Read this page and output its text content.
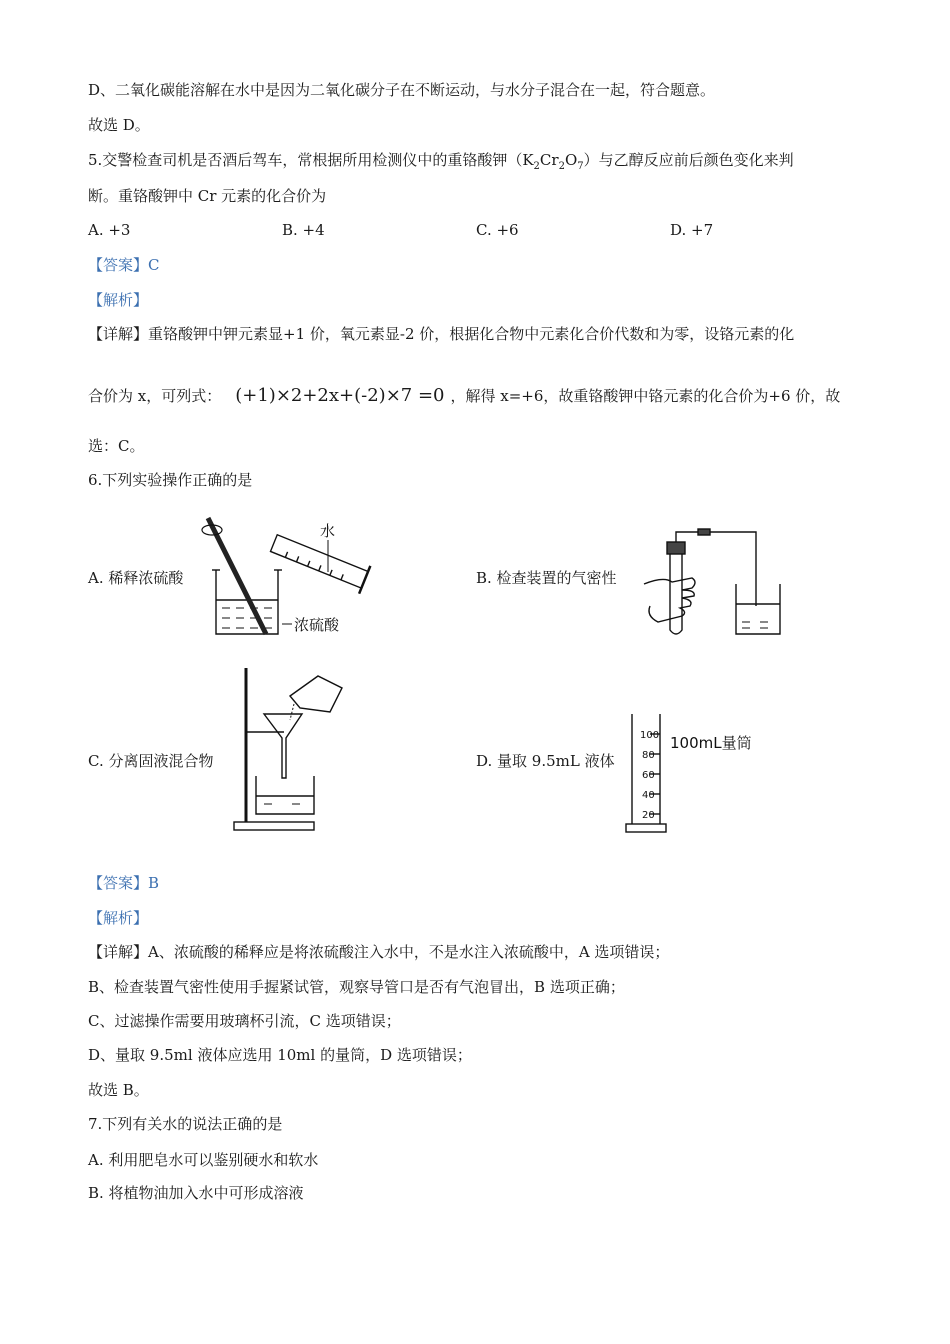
D、二氧化碳能溶解在水中是因为二氧化碳分子在不断运动，与水分子混合在一起，符合题意。
故选 D。
5.交警检查司机是否酒后驾车，常根据所用检测仪中的重铬酸钾$(K_2Cr_2O_7)$与乙醇反应前后颜色变化来判
断。重铬酸钾中 Cr 元素的化合价为
A. +3	B. +4	C. +6	D. +7
【答案】C
【解析】
【详解】重铬酸钾中钾元素显+1 价，氧元素显-2 价，根据化合物中元素化合价代数和为零，设铬元素的化
合价为 x，可列式： (+1)×2+2x+(-2)×7 =0 ，解得 x=+6，故重铬酸钾中铬元素的化合价为+6 价，故
选：C。
6.下列实验操作正确的是
A. 稀释浓硫酸	B. 检查装置的气密性
C. 分离固液混合物	D. 量取 9.5mL 液体
水
浓硫酸
100
80
60
40
20
100mL量筒
【答案】B
【解析】
【详解】A、浓硫酸的稀释应是将浓硫酸注入水中，不是水注入浓硫酸中，A 选项错误；
B、检查装置气密性使用手握紧试管，观察导管口是否有气泡冒出，B 选项正确；
C、过滤操作需要用玻璃杯引流，C 选项错误；
D、量取 9.5ml 液体应选用 10ml 的量筒，D 选项错误；
故选 B。
7.下列有关水的说法正确的是
A. 利用肥皂水可以鉴别硬水和软水
B. 将植物油加入水中可形成溶液
